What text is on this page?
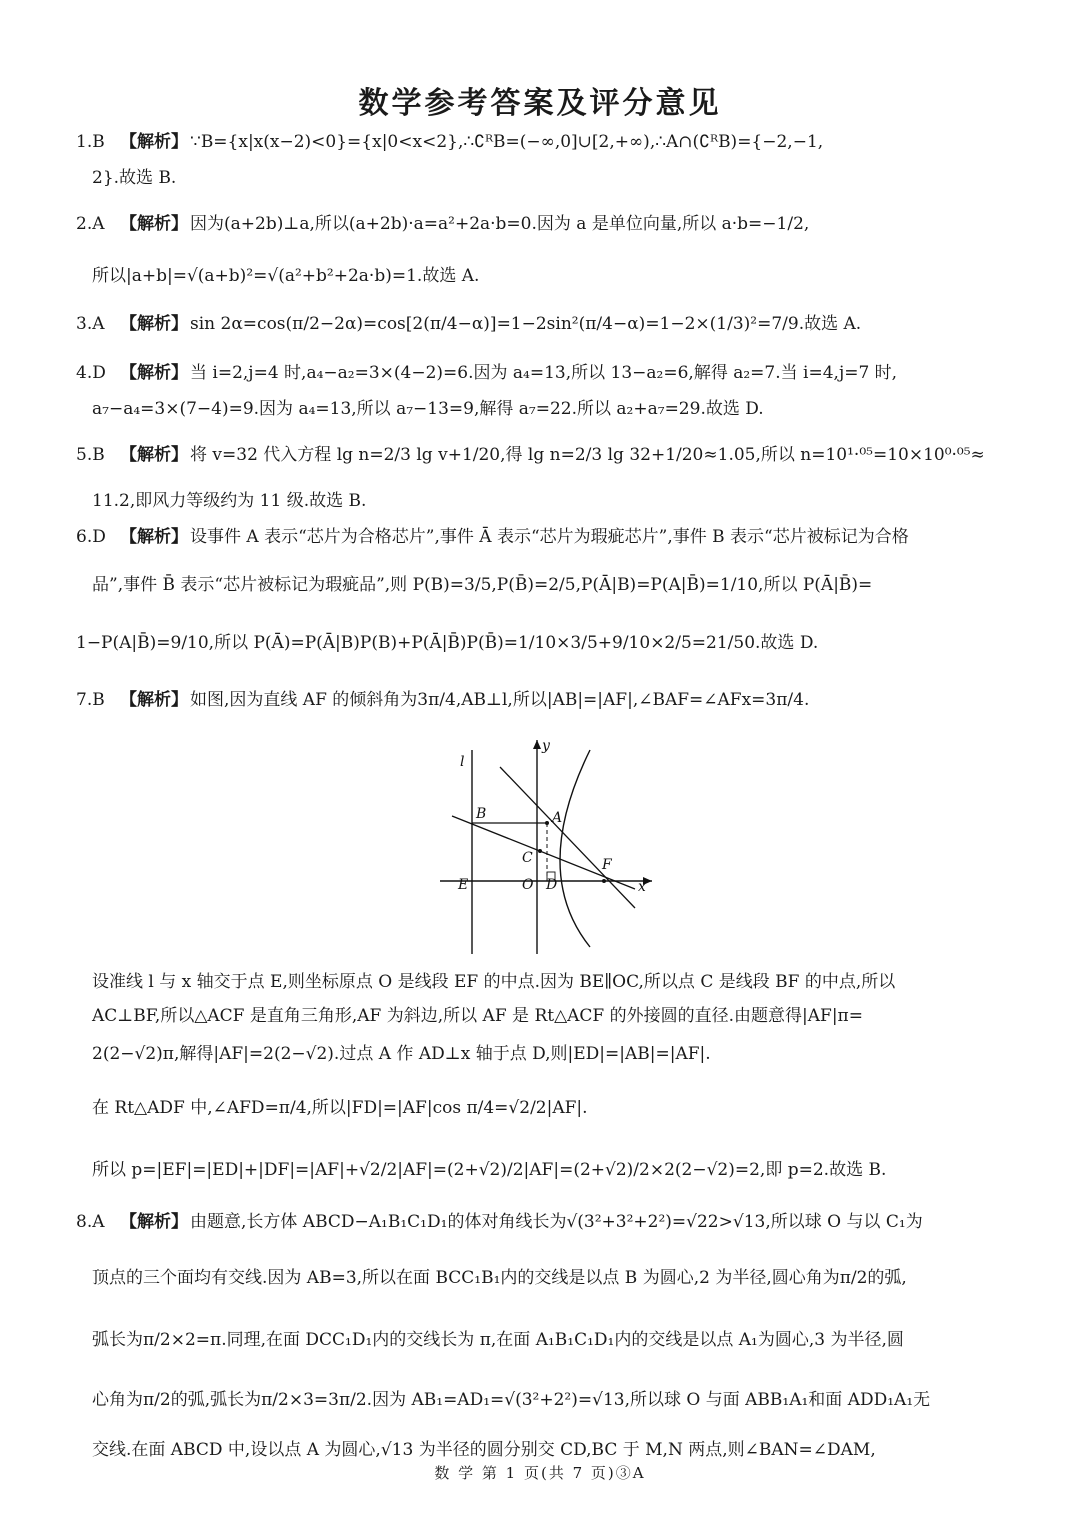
数学参考答案及评分意见
1.B 【解析】 ∵B={x|x(x−2)<0}={x|0<x<2},∴∁ᴿB=(−∞,0]∪[2,+∞),∴A∩(∁ᴿB)={−2,−1,
2}.故选 B.
2.A 【解析】 因为(a+2b)⊥a,所以(a+2b)·a=a²+2a·b=0.因为 a 是单位向量,所以 a·b=−1/2,
所以|a+b|=√(a+b)²=√(a²+b²+2a·b)=1.故选 A.
3.A 【解析】 sin 2α=cos(π/2−2α)=cos[2(π/4−α)]=1−2sin²(π/4−α)=1−2×(1/3)²=7/9.故选 A.
4.D 【解析】 当 i=2,j=4 时,a₄−a₂=3×(4−2)=6.因为 a₄=13,所以 13−a₂=6,解得 a₂=7.当 i=4,j=7 时,
a₇−a₄=3×(7−4)=9.因为 a₄=13,所以 a₇−13=9,解得 a₇=22.所以 a₂+a₇=29.故选 D.
5.B 【解析】 将 v=32 代入方程 lg n=2/3 lg v+1/20,得 lg n=2/3 lg 32+1/20≈1.05,所以 n=10¹·⁰⁵=10×10⁰·⁰⁵≈
11.2,即风力等级约为 11 级.故选 B.
6.D 【解析】 设事件 A 表示“芯片为合格芯片”,事件 Ā 表示“芯片为瑕疵芯片”,事件 B 表示“芯片被标记为合格
品”,事件 B̄ 表示“芯片被标记为瑕疵品”,则 P(B)=3/5,P(B̄)=2/5,P(Ā|B)=P(A|B̄)=1/10,所以 P(Ā|B̄)=
1−P(A|B̄)=9/10,所以 P(Ā)=P(Ā|B)P(B)+P(Ā|B̄)P(B̄)=1/10×3/5+9/10×2/5=21/50.故选 D.
7.B 【解析】 如图,因为直线 AF 的倾斜角为3π/4,AB⊥l,所以|AB|=|AF|,∠BAF=∠AFx=3π/4.
l
y
B	A
C	F
E	O D	x
设准线 l 与 x 轴交于点 E,则坐标原点 O 是线段 EF 的中点.因为 BE∥OC,所以点 C 是线段 BF 的中点,所以
AC⊥BF,所以△ACF 是直角三角形,AF 为斜边,所以 AF 是 Rt△ACF 的外接圆的直径.由题意得|AF|π=
2(2−√2)π,解得|AF|=2(2−√2).过点 A 作 AD⊥x 轴于点 D,则|ED|=|AB|=|AF|.
在 Rt△ADF 中,∠AFD=π/4,所以|FD|=|AF|cos π/4=√2/2|AF|.
所以 p=|EF|=|ED|+|DF|=|AF|+√2/2|AF|=(2+√2)/2|AF|=(2+√2)/2×2(2−√2)=2,即 p=2.故选 B.
8.A 【解析】 由题意,长方体 ABCD−A₁B₁C₁D₁的体对角线长为√(3²+3²+2²)=√22>√13,所以球 O 与以 C₁为
顶点的三个面均有交线.因为 AB=3,所以在面 BCC₁B₁内的交线是以点 B 为圆心,2 为半径,圆心角为π/2的弧,
弧长为π/2×2=π.同理,在面 DCC₁D₁内的交线长为 π,在面 A₁B₁C₁D₁内的交线是以点 A₁为圆心,3 为半径,圆
心角为π/2的弧,弧长为π/2×3=3π/2.因为 AB₁=AD₁=√(3²+2²)=√13,所以球 O 与面 ABB₁A₁和面 ADD₁A₁无
交线.在面 ABCD 中,设以点 A 为圆心,√13 为半径的圆分别交 CD,BC 于 M,N 两点,则∠BAN=∠DAM,
数 学 第 1 页(共 7 页)③A
